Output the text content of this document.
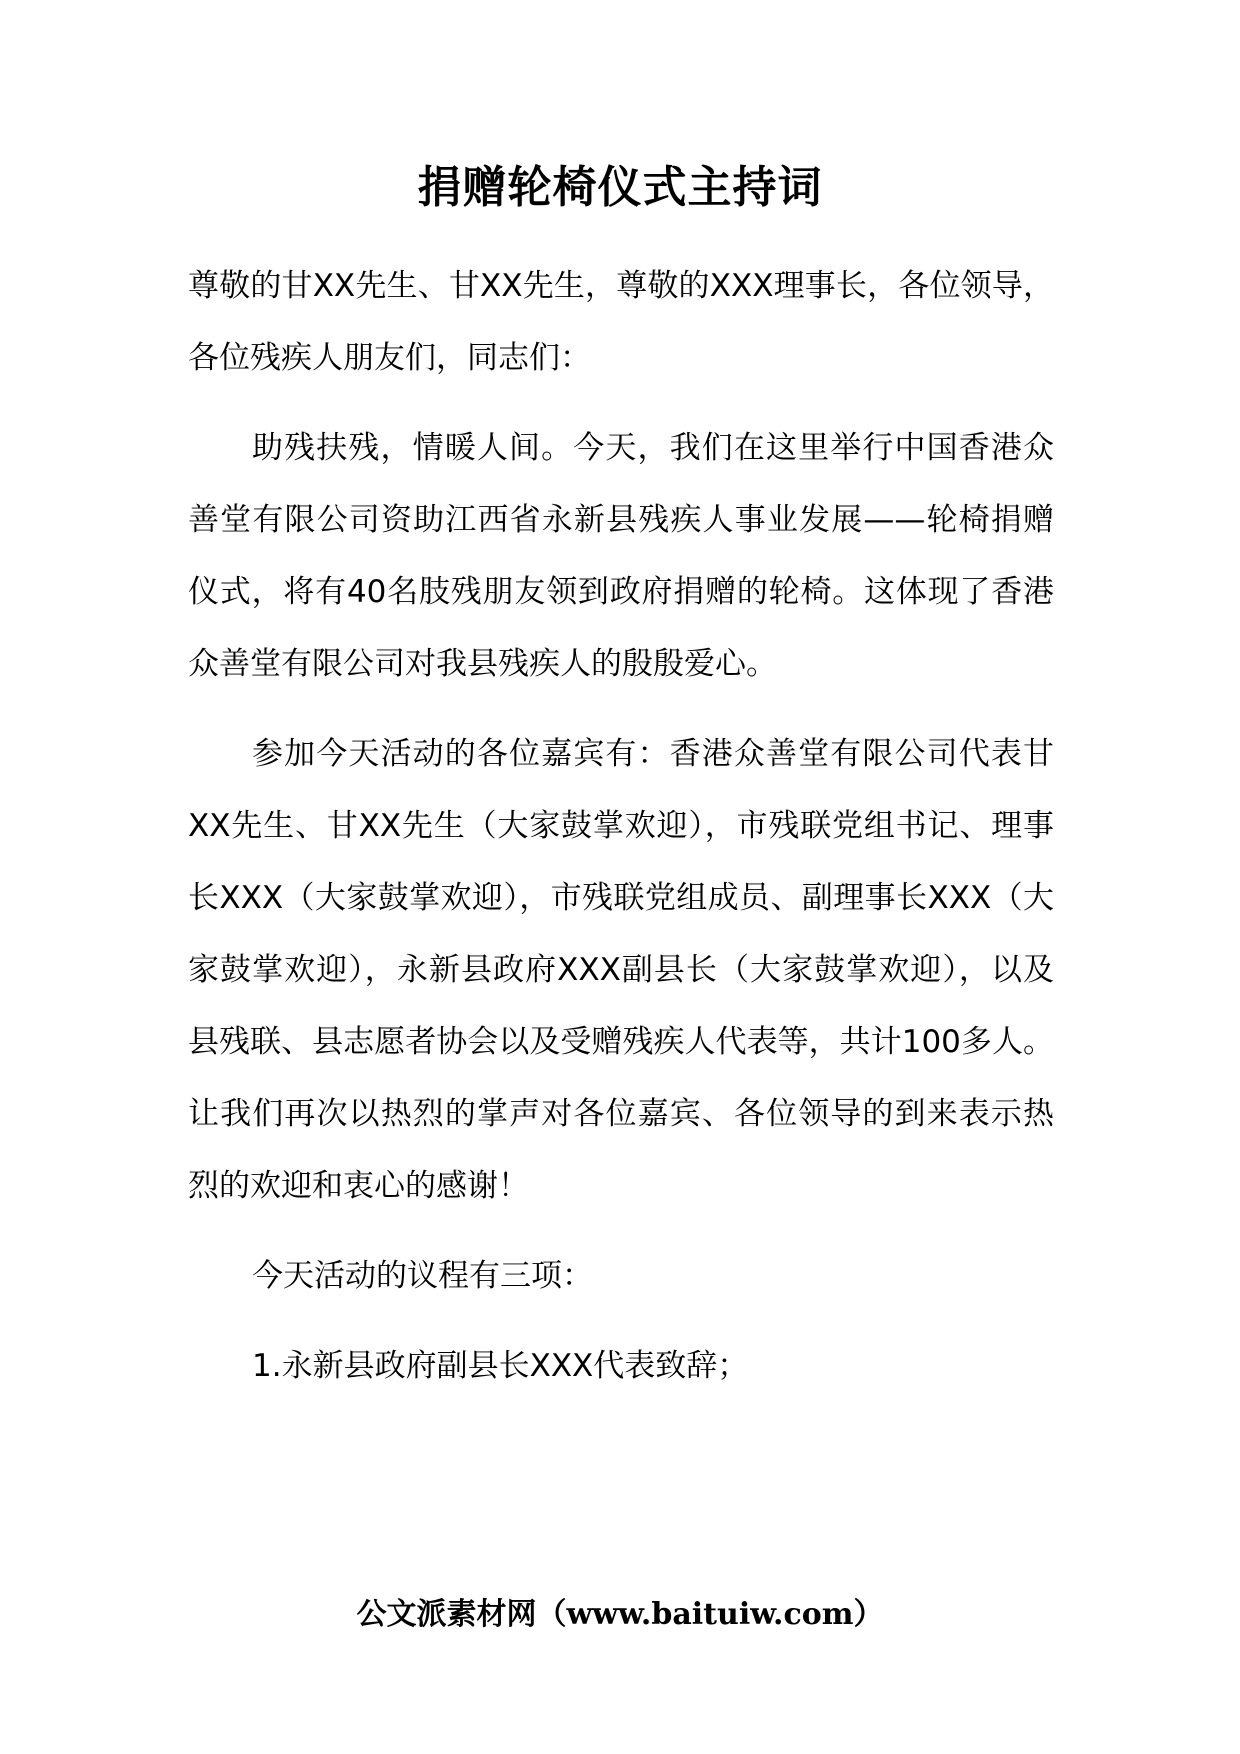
捐赠轮椅仪式主持词

尊敬的甘XX先生、甘XX先生，尊敬的XXX理事长，各位领导，各位残疾人朋友们，同志们：

助残扶残，情暖人间。今天，我们在这里举行中国香港众善堂有限公司资助江西省永新县残疾人事业发展——轮椅捐赠仪式，将有40名肢残朋友领到政府捐赠的轮椅。这体现了香港众善堂有限公司对我县残疾人的殷殷爱心。

参加今天活动的各位嘉宾有：香港众善堂有限公司代表甘XX先生、甘XX先生（大家鼓掌欢迎），市残联党组书记、理事长XXX（大家鼓掌欢迎），市残联党组成员、副理事长XXX（大家鼓掌欢迎），永新县政府XXX副县长（大家鼓掌欢迎），以及县残联、县志愿者协会以及受赠残疾人代表等，共计100多人。让我们再次以热烈的掌声对各位嘉宾、各位领导的到来表示热烈的欢迎和衷心的感谢！

今天活动的议程有三项：

1.永新县政府副县长XXX代表致辞；

公文派素材网（www.baituiw.com）
